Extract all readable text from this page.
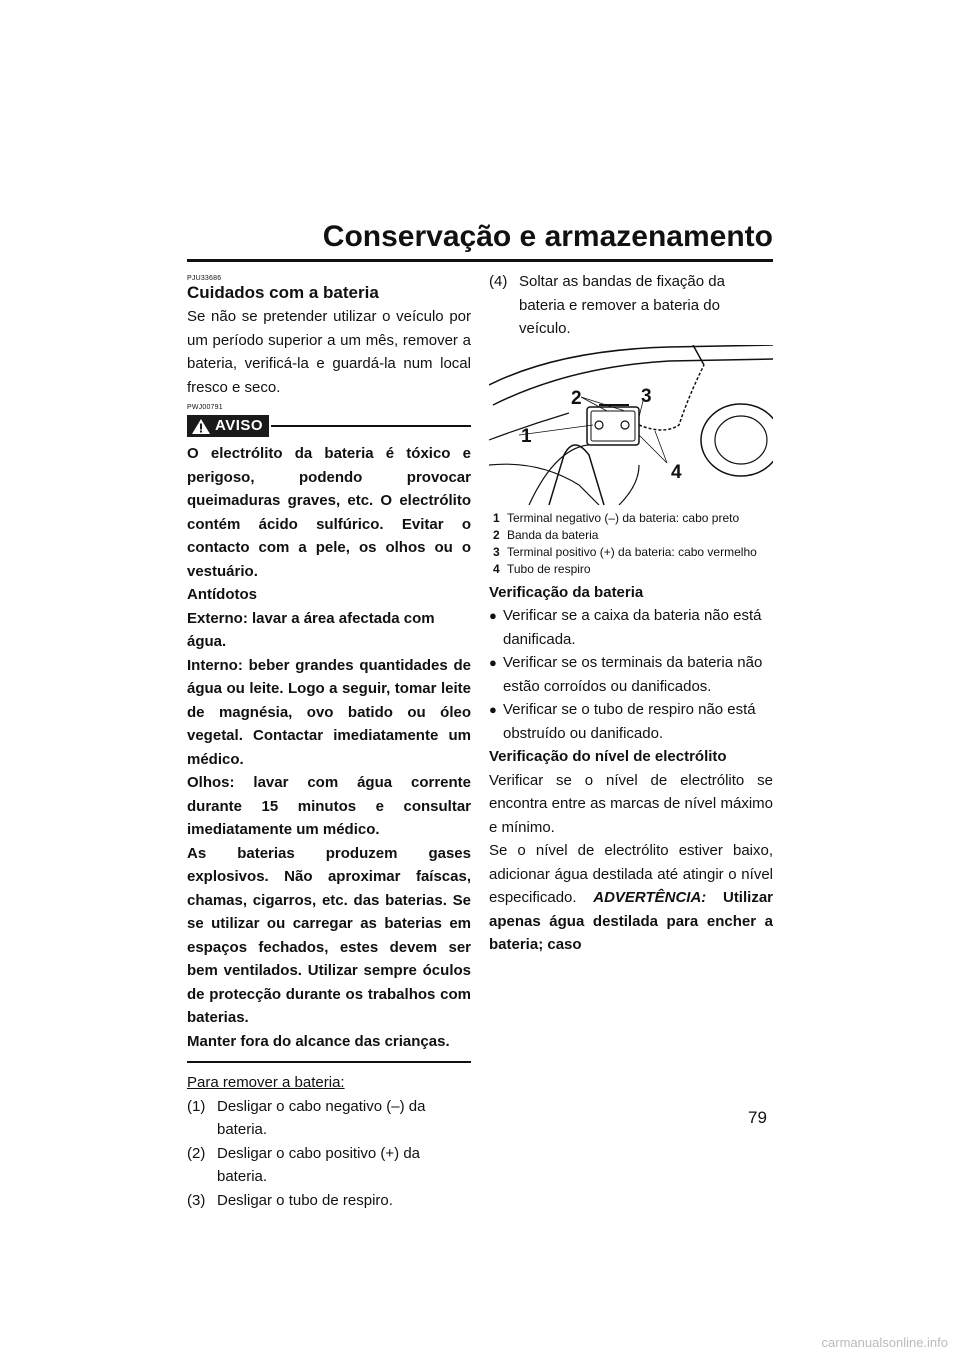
Conservação e armazenamento
PJU33686
Cuidados com a bateria

Se não se pretender utilizar o veículo por um período superior a um mês, remover a bateria, verificá-la e guardá-la num local fresco e seco.

PWJ00791
AVISO

O electrólito da bateria é tóxico e perigoso, podendo provocar queimaduras graves, etc. O electrólito contém ácido sulfúrico. Evitar o contacto com a pele, os olhos ou o vestuário.

Antídotos

Externo: lavar a área afectada com água.

Interno: beber grandes quantidades de água ou leite. Logo a seguir, tomar leite de magnésia, ovo batido ou óleo vegetal. Contactar imediatamente um médico.

Olhos: lavar com água corrente durante 15 minutos e consultar imediatamente um médico.

As baterias produzem gases explosivos. Não aproximar faíscas, chamas, cigarros, etc. das baterias. Se se utilizar ou carregar as baterias em espaços fechados, estes devem ser bem ventilados. Utilizar sempre óculos de protecção durante os trabalhos com baterias.

Manter fora do alcance das crianças.

Para remover a bateria:
(1) Desligar o cabo negativo (–) da bateria.
(2) Desligar o cabo positivo (+) da bateria.
(3) Desligar o tubo de respiro.
(4) Soltar as bandas de fixação da bateria e remover a bateria do veículo.
1
2	3
4
1 Terminal negativo (–) da bateria: cabo preto
2 Banda da bateria
3 Terminal positivo (+) da bateria: cabo vermelho
4 Tubo de respiro
Verificação da bateria
● Verificar se a caixa da bateria não está danificada.
● Verificar se os terminais da bateria não estão corroídos ou danificados.
● Verificar se o tubo de respiro não está obstruído ou danificado.
Verificação do nível de electrólito

Verificar se o nível de electrólito se encontra entre as marcas de nível máximo e mínimo.

Se o nível de electrólito estiver baixo, adicionar água destilada até atingir o nível especificado. ADVERTÊNCIA: Utilizar apenas água destilada para encher a bateria; caso

79
carmanualsonline.info
